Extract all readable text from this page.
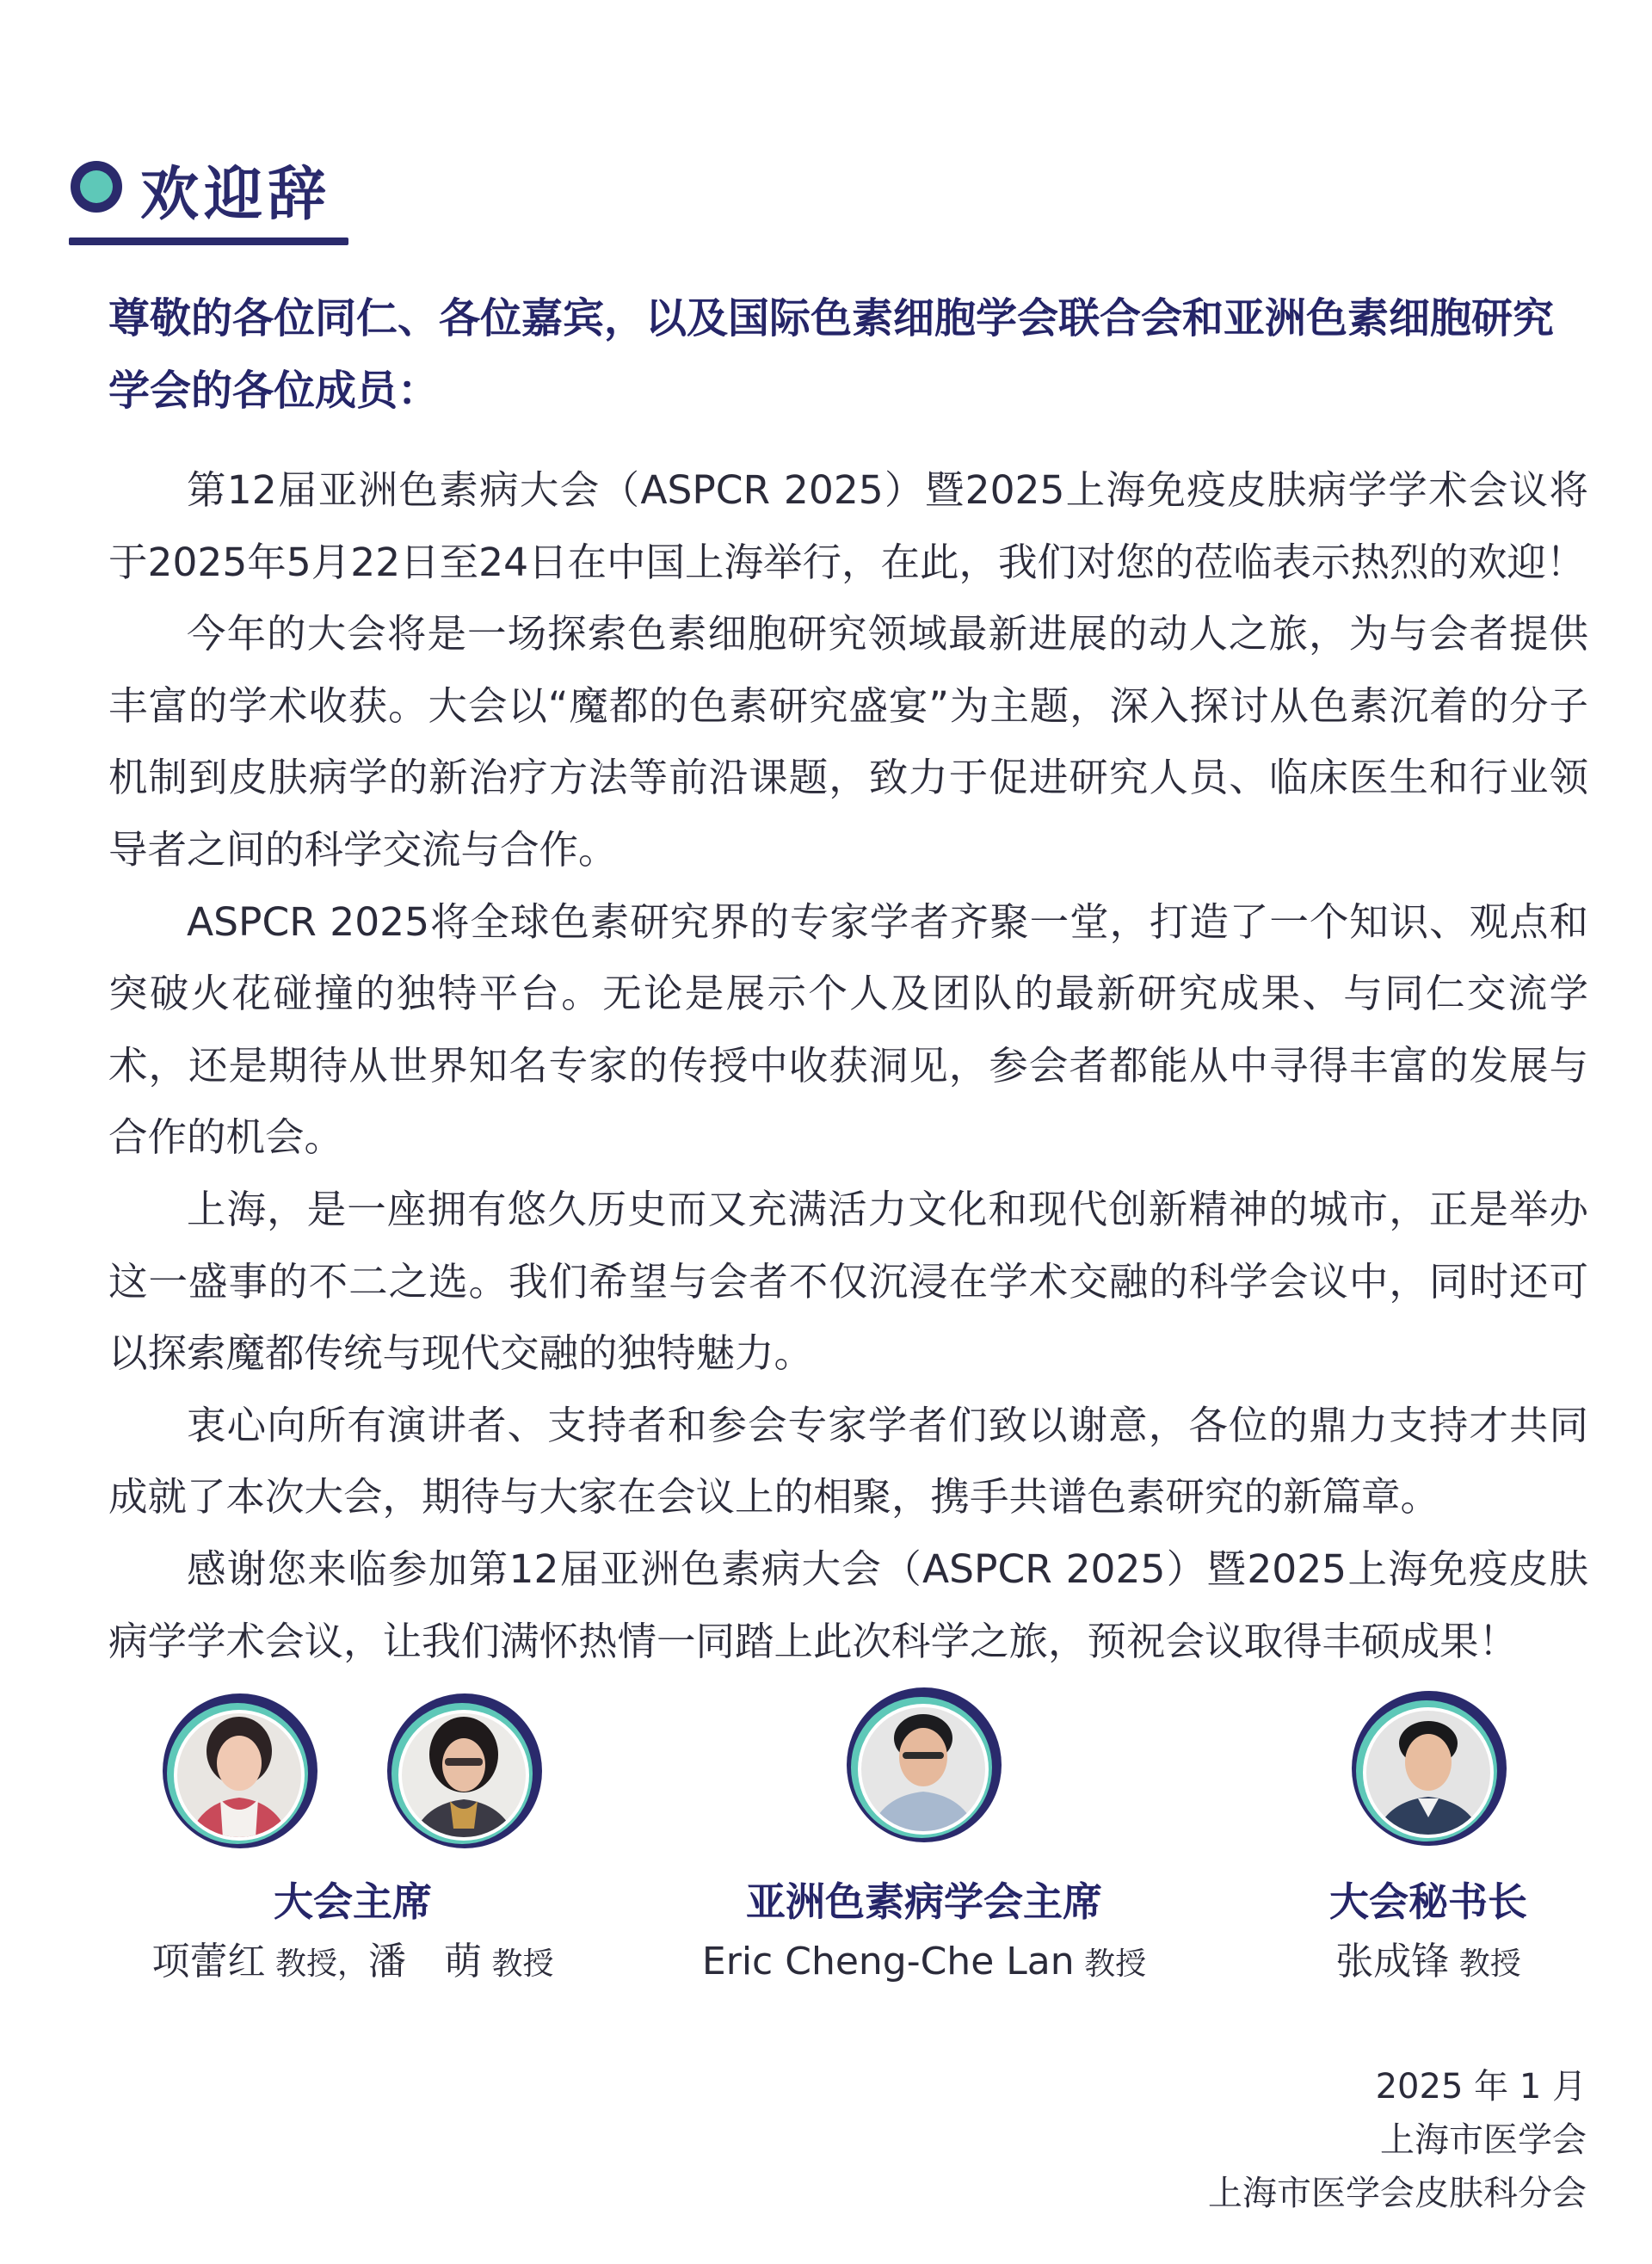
欢迎辞
尊敬的各位同仁、各位嘉宾，以及国际色素细胞学会联合会和亚洲色素细胞研究学会的各位成员：

第12届亚洲色素病大会（ASPCR 2025）暨2025上海免疫皮肤病学学术会议将于2025年5月22日至24日在中国上海举行，在此，我们对您的莅临表示热烈的欢迎！

今年的大会将是一场探索色素细胞研究领域最新进展的动人之旅，为与会者提供丰富的学术收获。大会以“魔都的色素研究盛宴”为主题，深入探讨从色素沉着的分子机制到皮肤病学的新治疗方法等前沿课题，致力于促进研究人员、临床医生和行业领导者之间的科学交流与合作。

ASPCR 2025将全球色素研究界的专家学者齐聚一堂，打造了一个知识、观点和突破火花碰撞的独特平台。无论是展示个人及团队的最新研究成果、与同仁交流学术，还是期待从世界知名专家的传授中收获洞见，参会者都能从中寻得丰富的发展与合作的机会。

上海，是一座拥有悠久历史而又充满活力文化和现代创新精神的城市，正是举办这一盛事的不二之选。我们希望与会者不仅沉浸在学术交融的科学会议中，同时还可以探索魔都传统与现代交融的独特魅力。

衷心向所有演讲者、支持者和参会专家学者们致以谢意，各位的鼎力支持才共同成就了本次大会，期待与大家在会议上的相聚，携手共谱色素研究的新篇章。

感谢您来临参加第12届亚洲色素病大会（ASPCR 2025）暨2025上海免疫皮肤病学学术会议，让我们满怀热情一同踏上此次科学之旅，预祝会议取得丰硕成果！

大会主席
项蕾红 教授，潘　萌 教授
亚洲色素病学会主席
Eric Cheng-Che Lan 教授
大会秘书长
张成锋 教授
2025 年 1 月
上海市医学会
上海市医学会皮肤科分会
